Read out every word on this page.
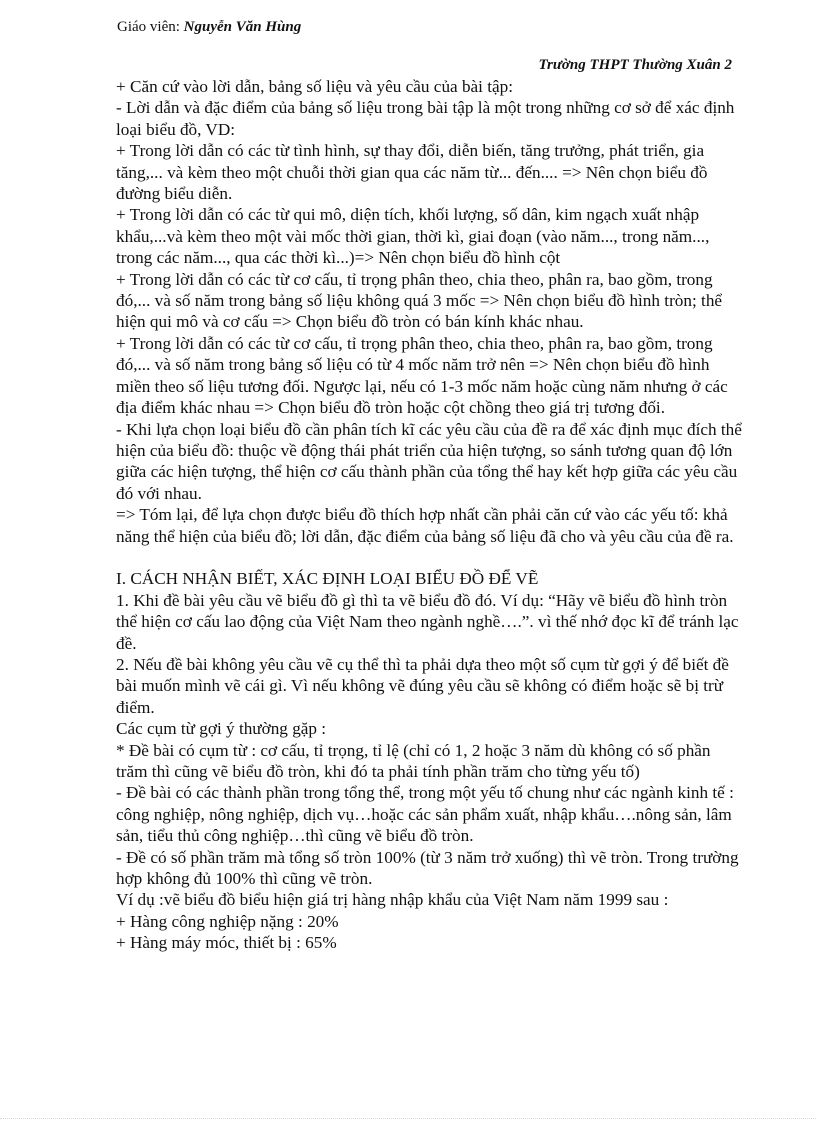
Giáo viên: Nguyễn Văn Hùng
Trường THPT Thường Xuân 2

+ Căn cứ vào lời dẫn, bảng số liệu và yêu cầu của bài tập:

- Lời dẫn và đặc điểm của bảng số liệu trong bài tập là một trong những cơ sở để xác định loại biểu đồ, VD:

+ Trong lời dẫn có các từ tình hình, sự thay đổi, diễn biến, tăng trưởng, phát triển, gia tăng,... và kèm theo một chuỗi thời gian qua các năm từ... đến.... => Nên chọn biểu đồ đường biểu diễn.

+ Trong lời dẫn có các từ qui mô, diện tích, khối lượng, số dân, kim ngạch xuất nhập khẩu,...và kèm theo một vài mốc thời gian, thời kì, giai đoạn (vào năm..., trong năm..., trong các năm..., qua các thời kì...)=> Nên chọn biểu đồ hình cột

+ Trong lời dẫn có các từ cơ cấu, tỉ trọng phân theo, chia theo, phân ra, bao gồm, trong đó,... và số năm trong bảng số liệu không quá 3 mốc => Nên chọn biểu đồ hình tròn; thể hiện qui mô và cơ cấu => Chọn biểu đồ tròn có bán kính khác nhau.

+ Trong lời dẫn có các từ cơ cấu, tỉ trọng phân theo, chia theo, phân ra, bao gồm, trong đó,... và số năm trong bảng số liệu có từ 4 mốc năm trở nên => Nên chọn biểu đồ hình miền theo số liệu tương đối. Ngược lại, nếu có 1-3 mốc năm hoặc cùng năm nhưng ở các địa điểm khác nhau => Chọn biểu đồ tròn hoặc cột chồng theo giá trị tương đối.

- Khi lựa chọn loại biểu đồ cần phân tích kĩ các yêu cầu của đề ra để xác định mục đích thể hiện của biểu đồ: thuộc về động thái phát triển của hiện tượng, so sánh tương quan độ lớn giữa các hiện tượng, thể hiện cơ cấu thành phần của tổng thể hay kết hợp giữa các yêu cầu đó với nhau.

=> Tóm lại, để lựa chọn được biểu đồ thích hợp nhất cần phải căn cứ vào các yếu tố: khả năng thể hiện của biểu đồ; lời dẫn, đặc điểm của bảng số liệu đã cho và yêu cầu của đề ra.

I. CÁCH NHẬN BIẾT, XÁC ĐỊNH LOẠI BIỂU ĐỒ ĐỂ VẼ

1. Khi đề bài yêu cầu vẽ biểu đồ gì thì ta vẽ biểu đồ đó. Ví dụ: “Hãy vẽ biểu đồ hình tròn thể hiện cơ cấu lao động của Việt Nam theo ngành nghề….”. vì thế nhớ đọc kĩ để tránh lạc đề.

2. Nếu đề bài không yêu cầu vẽ cụ thể thì ta phải dựa theo một số cụm từ gợi ý để biết đề bài muốn mình vẽ cái gì. Vì nếu không vẽ đúng yêu cầu sẽ không có điểm hoặc sẽ bị trừ điểm.

Các cụm từ gợi ý thường gặp :

* Đề bài có cụm từ : cơ cấu, tỉ trọng, tỉ lệ (chỉ có 1, 2 hoặc 3 năm dù không có số phần trăm thì cũng vẽ biểu đồ tròn, khi đó ta phải tính phần trăm cho từng yếu tố)

- Đề bài có các thành phần trong tổng thể, trong một yếu tố chung như các ngành kinh tế : công nghiệp, nông nghiệp, dịch vụ…hoặc các sản phẩm xuất, nhập khẩu….nông sản, lâm sản, tiểu thủ công nghiệp…thì cũng vẽ biểu đồ tròn.

- Đề có số phần trăm mà tổng số tròn 100% (từ 3 năm trở xuống) thì vẽ tròn. Trong trường hợp không đủ 100% thì cũng vẽ tròn.

Ví dụ :vẽ biểu đồ biểu hiện giá trị hàng nhập khẩu của Việt Nam năm 1999 sau :

+ Hàng công nghiệp nặng : 20%

+ Hàng máy móc, thiết bị : 65%
